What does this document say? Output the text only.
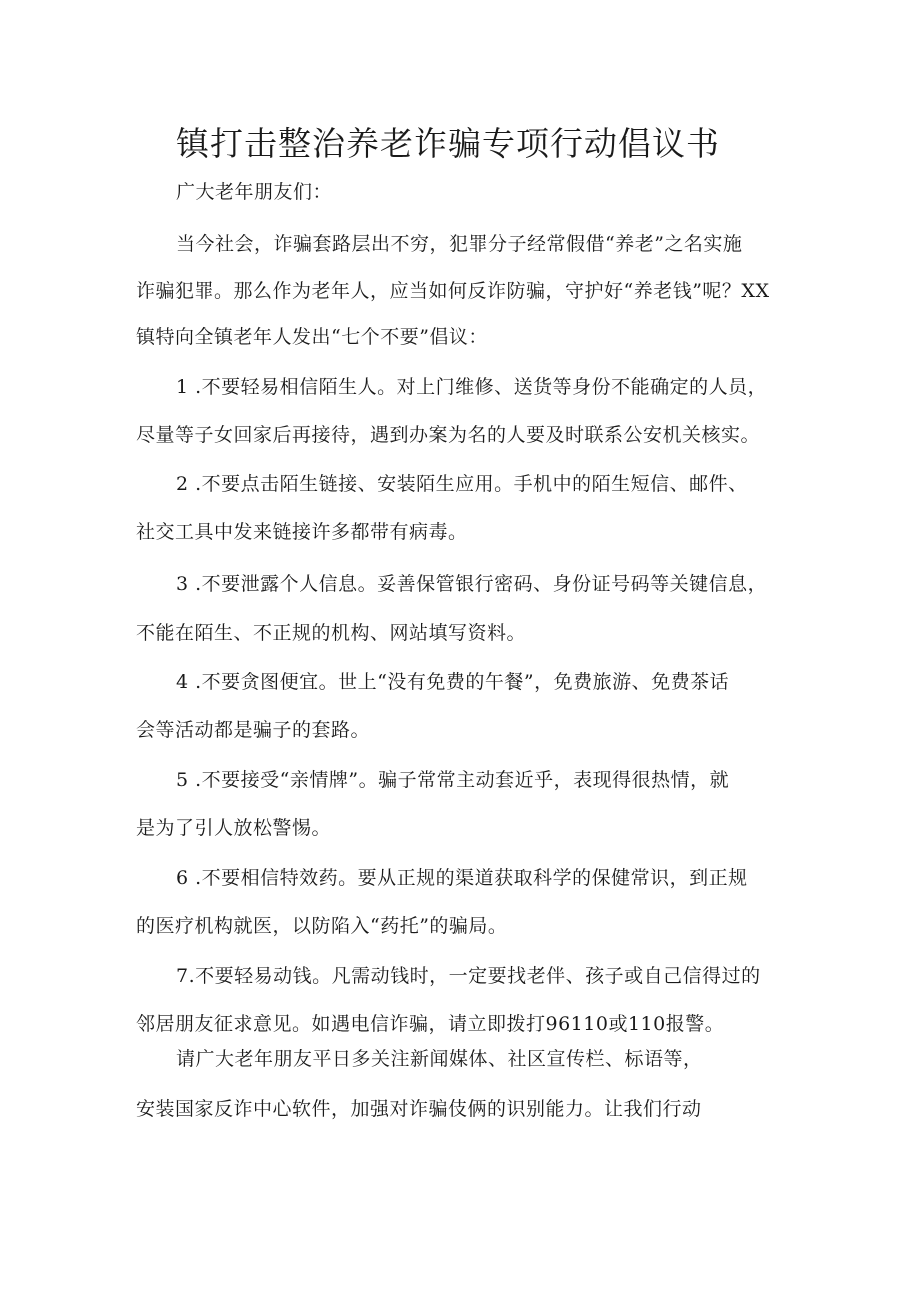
镇打击整治养老诈骗专项行动倡议书
广大老年朋友们：
当今社会，诈骗套路层出不穷，犯罪分子经常假借“养老”之名实施
诈骗犯罪。那么作为老年人，应当如何反诈防骗，守护好“养老钱”呢？XX
镇特向全镇老年人发出“七个不要”倡议：
1 .不要轻易相信陌生人。对上门维修、送货等身份不能确定的人员，
尽量等子女回家后再接待，遇到办案为名的人要及时联系公安机关核实。
2 .不要点击陌生链接、安装陌生应用。手机中的陌生短信、邮件、
社交工具中发来链接许多都带有病毒。
3 .不要泄露个人信息。妥善保管银行密码、身份证号码等关键信息，
不能在陌生、不正规的机构、网站填写资料。
4 .不要贪图便宜。世上“没有免费的午餐”，免费旅游、免费茶话
会等活动都是骗子的套路。
5 .不要接受“亲情牌”。骗子常常主动套近乎，表现得很热情，就
是为了引人放松警惕。
6 .不要相信特效药。要从正规的渠道获取科学的保健常识，到正规
的医疗机构就医，以防陷入“药托”的骗局。
7.不要轻易动钱。凡需动钱时，一定要找老伴、孩子或自己信得过的
邻居朋友征求意见。如遇电信诈骗，请立即拨打96110或110报警。
请广大老年朋友平日多关注新闻媒体、社区宣传栏、标语等，
安装国家反诈中心软件，加强对诈骗伎俩的识别能力。让我们行动
